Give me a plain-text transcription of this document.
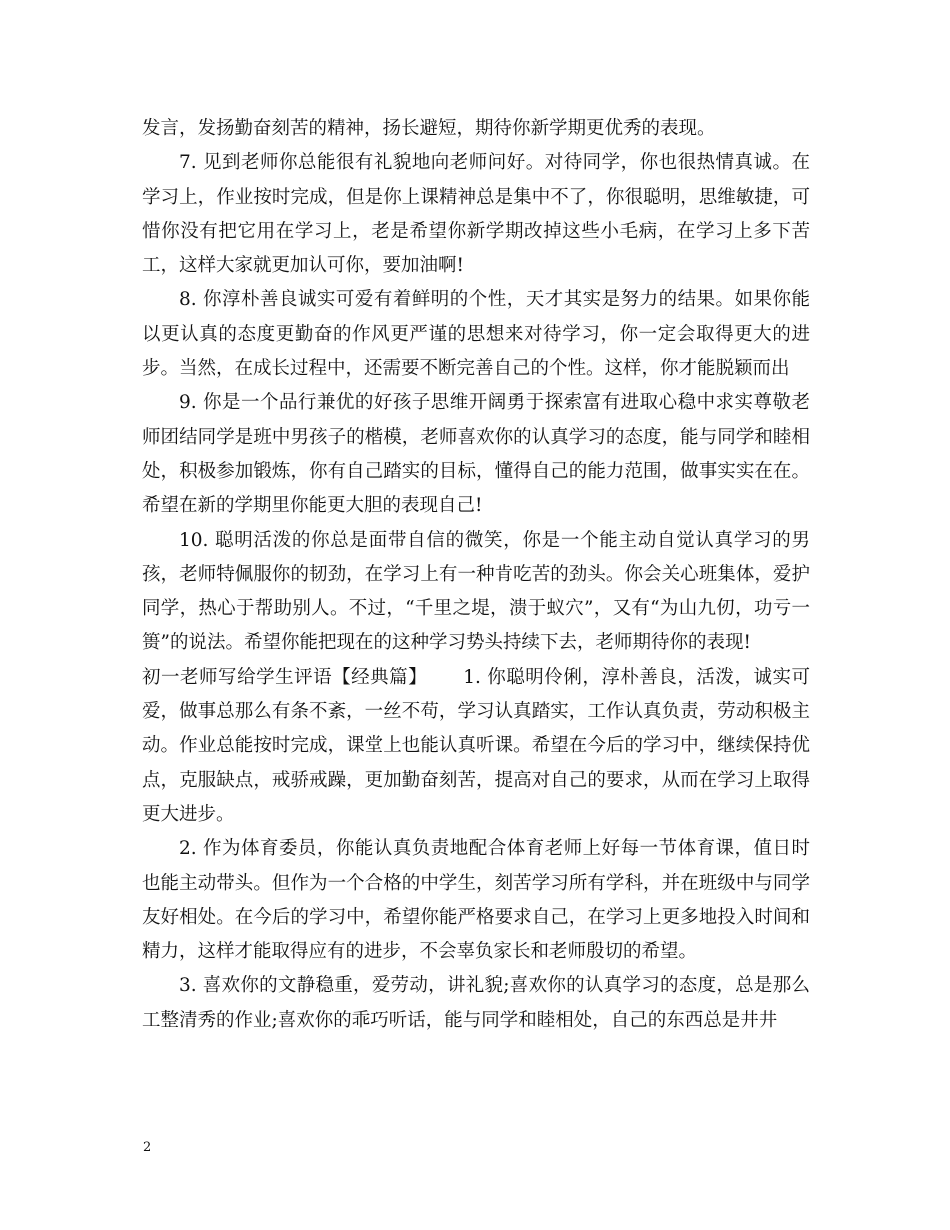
发言，发扬勤奋刻苦的精神，扬长避短，期待你新学期更优秀的表现。

7. 见到老师你总能很有礼貌地向老师问好。对待同学，你也很热情真诚。在学习上，作业按时完成，但是你上课精神总是集中不了，你很聪明，思维敏捷，可惜你没有把它用在学习上，老是希望你新学期改掉这些小毛病，在学习上多下苦工，这样大家就更加认可你，要加油啊!

8. 你淳朴善良诚实可爱有着鲜明的个性，天才其实是努力的结果。如果你能以更认真的态度更勤奋的作风更严谨的思想来对待学习，你一定会取得更大的进步。当然，在成长过程中，还需要不断完善自己的个性。这样，你才能脱颖而出

9. 你是一个品行兼优的好孩子思维开阔勇于探索富有进取心稳中求实尊敬老师团结同学是班中男孩子的楷模，老师喜欢你的认真学习的态度，能与同学和睦相处，积极参加锻炼，你有自己踏实的目标，懂得自己的能力范围，做事实实在在。希望在新的学期里你能更大胆的表现自己!

10. 聪明活泼的你总是面带自信的微笑，你是一个能主动自觉认真学习的男孩，老师特佩服你的韧劲，在学习上有一种肯吃苦的劲头。你会关心班集体，爱护同学，热心于帮助别人。不过，“千里之堤，溃于蚁穴”，又有“为山九仞，功亏一篑”的说法。希望你能把现在的这种学习势头持续下去，老师期待你的表现!

初一老师写给学生评语【经典篇】 1. 你聪明伶俐，淳朴善良，活泼，诚实可爱，做事总那么有条不紊，一丝不苟，学习认真踏实，工作认真负责，劳动积极主动。作业总能按时完成，课堂上也能认真听课。希望在今后的学习中，继续保持优点，克服缺点，戒骄戒躁，更加勤奋刻苦，提高对自己的要求，从而在学习上取得更大进步。

2. 作为体育委员，你能认真负责地配合体育老师上好每一节体育课，值日时也能主动带头。但作为一个合格的中学生，刻苦学习所有学科，并在班级中与同学友好相处。在今后的学习中，希望你能严格要求自己，在学习上更多地投入时间和精力，这样才能取得应有的进步，不会辜负家长和老师殷切的希望。

3. 喜欢你的文静稳重，爱劳动，讲礼貌;喜欢你的认真学习的态度，总是那么工整清秀的作业;喜欢你的乖巧听话，能与同学和睦相处，自己的东西总是井井

2
